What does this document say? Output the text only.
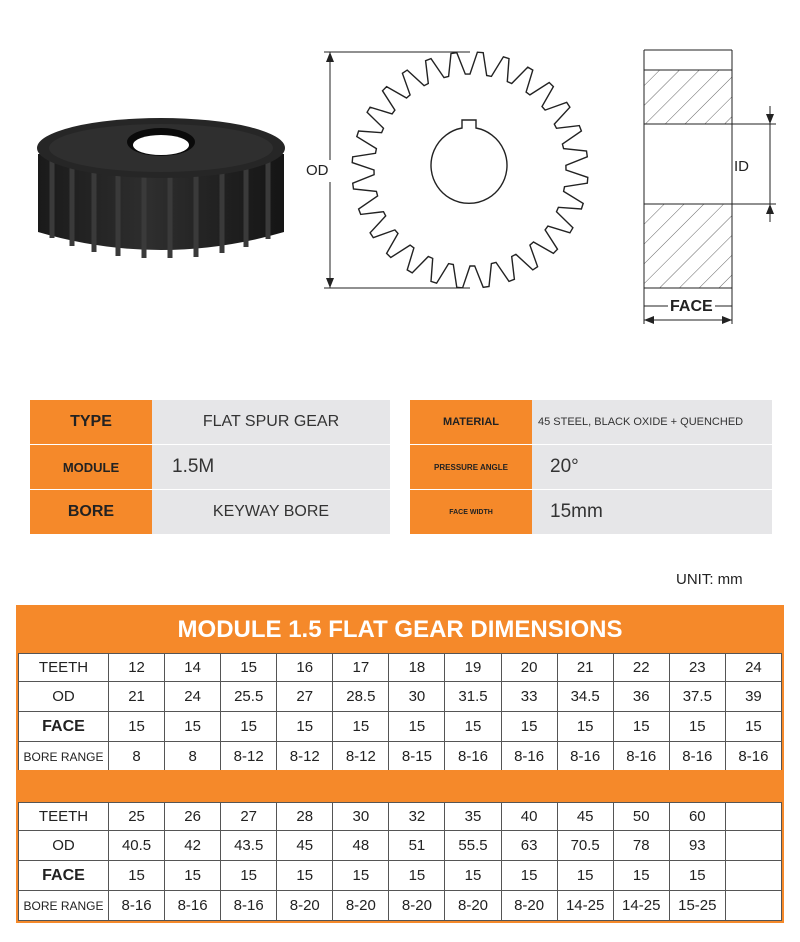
OD	ID
FACE
TYPE	FLAT SPUR GEAR
MODULE	1.5M
BORE	KEYWAY BORE
MATERIAL	45 STEEL, BLACK OXIDE + QUENCHED
PRESSURE ANGLE	20°
FACE WIDTH	15mm
UNIT: mm
MODULE 1.5 FLAT GEAR DIMENSIONS
TEETH	12	14	15	16	17	18	19	20	21	22	23	24
OD	21	24	25.5	27	28.5	30	31.5	33	34.5	36	37.5	39
FACE	15	15	15	15	15	15	15	15	15	15	15	15
BORE RANGE	8	8	8-12	8-12	8-12	8-15	8-16	8-16	8-16	8-16	8-16	8-16
TEETH	25	26	27	28	30	32	35	40	45	50	60	
OD	40.5	42	43.5	45	48	51	55.5	63	70.5	78	93	
FACE	15	15	15	15	15	15	15	15	15	15	15	
BORE RANGE	8-16	8-16	8-16	8-20	8-20	8-20	8-20	8-20	14-25	14-25	15-25	
